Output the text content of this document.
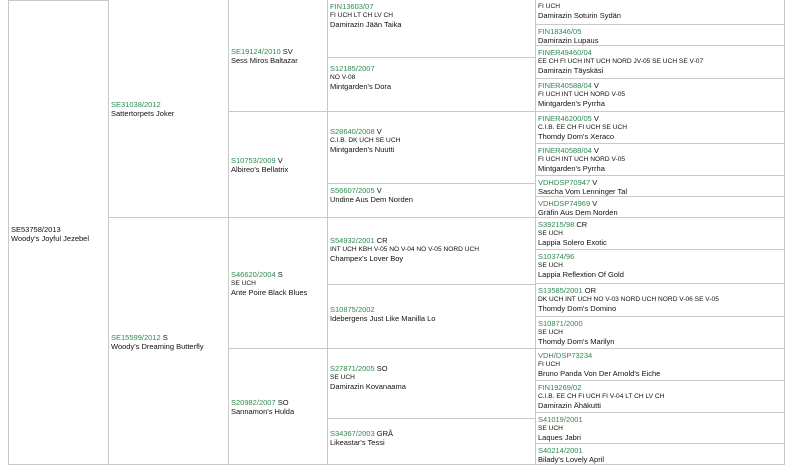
SE53758/2013
Woody's Joyful Jezebel
SE31038/2012
Sattertorpets Joker
SE15599/2012 S
Woody's Dreaming Butterfly
SE19124/2010 SV
Sess Miros Baltazar
S10753/2009 V
Albireo's Bellatrix
S46620/2004 S
SE UCH
Ante Poire Black Blues
S20982/2007 SO
Sannamon's Hulda
FIN13603/07
FI UCH LT CH LV CH
Damirazin Jään Taika
S12185/2007
NO V-08
Mintgarden's Dora
S28640/2008 V
C.I.B. DK UCH SE UCH
Mintgarden's Nuutti
S56607/2005 V
Undine Aus Dem Norden
S54932/2001 CR
INT UCH KBH V-05 NO V-04 NO V-05 NORD UCH
Champex's Lover Boy
S10875/2002
Idebergens Just Like Manilla Lo
S27871/2005 SO
SE UCH
Damirazin Kovanaama
S34367/2003 GRÅ
Likeastar's Tessi
FI UCH
Damirazin Soturin Sydän
FIN18346/05
Damirazin Lupaus
FINER49460/04
EE CH FI UCH INT UCH NORD JV-05 SE UCH SE V-07
Damirazin Täyskäsi
FINER40588/04 V
FI UCH INT UCH NORD V-05
Mintgarden's Pyrrha
FINER46200/05 V
C.I.B. EE CH FI UCH SE UCH
Thomdy Dom's Xeraco
FINER40588/04 V
FI UCH INT UCH NORD V-05
Mintgarden's Pyrrha
VDHDSP70947 V
Sascha Vom Lenninger Tal
VDHDSP74969 V
Gräfin Aus Dem Norden
S39215/98 CR
SE UCH
Lappia Solero Exotic
S10374/96
SE UCH
Lappia Reflextion Of Gold
S13585/2001 OR
DK UCH INT UCH NO V-03 NORD UCH NORD V-06 SE V-05
Thomdy Dom's Domino
S10871/2000
SE UCH
Thomdy Dom's Marilyn
VDH/DSP73234
FI UCH
Bruno Panda Von Der Arnold's Eiche
FIN19269/02
C.I.B. EE CH FI UCH FI V-04 LT CH LV CH
Damirazin Ähäkutti
S41019/2001
SE UCH
Laques Jabri
S40214/2001
Bilady's Lovely April
